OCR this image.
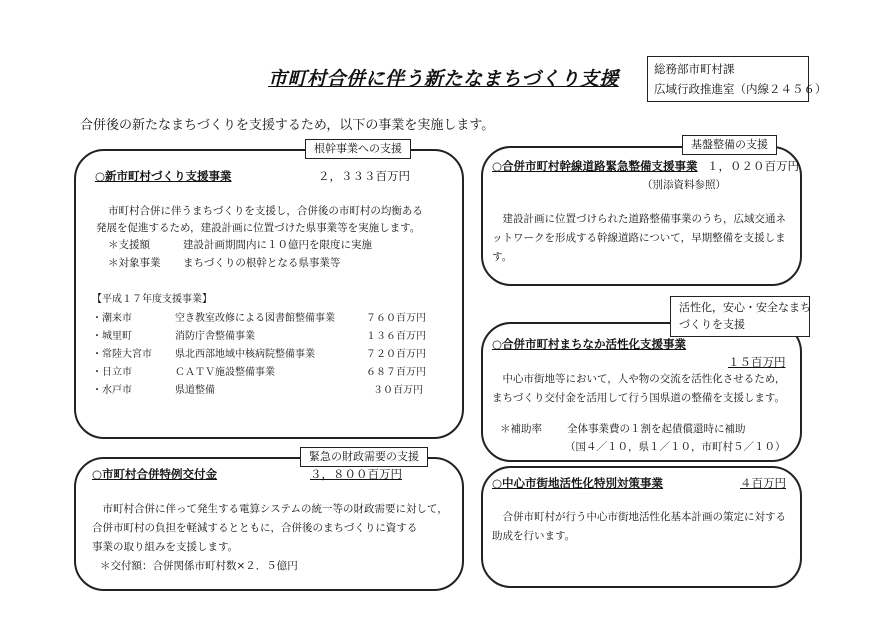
市町村合併に伴う新たなまちづくり支援	総務部市町村課
広域行政推進室（内線２４５６）
合併後の新たなまちづくりを支援するため，以下の事業を実施します。
根幹事業への支援
○新市町村づくり支援事業	２，３３３百万円
市町村合併に伴うまちづくりを支援し，合併後の市町村の均衡ある
発展を促進するため，建設計画に位置づけた県事業等を実施します。
＊支援額	建設計画期間内に１０億円を限度に実施
＊対象事業 まちづくりの根幹となる県事業等
【平成１７年度支援事業】
・潮来市	空き教室改修による図書館整備事業	７６０百万円
・城里町	消防庁舎整備事業	１３６百万円
・常陸大宮市 県北西部地域中核病院整備事業	７２０百万円
・日立市	ＣＡＴＶ施設整備事業	６８７百万円
・水戸市	県道整備	３０百万円
緊急の財政需要の支援
○市町村合併特例交付金	３，８００百万円
市町村合併に伴って発生する電算システムの統一等の財政需要に対して，合併市町村の負担を軽減するとともに，合併後のまちづくりに資する
事業の取り組みを支援します。
＊交付額：合併関係市町村数×２．５億円
基盤整備の支援
○合併市町村幹線道路緊急整備支援事業 １，０２０百万円
（別添資料参照）
建設計画に位置づけられた道路整備事業のうち，広域交通ネットワークを形成する幹線道路について，早期整備を支援します。
活性化，安心・安全なまち
づくりを支援
○合併市町村まちなか活性化支援事業
１５百万円
中心市街地等において，人や物の交流を活性化させるため，まちづくり交付金を活用して行う国県道の整備を支援します。
＊補助率 全体事業費の１割を起債償還時に補助
（国４／１０，県１／１０，市町村５／１０）
○中心市街地活性化特別対策事業	４百万円
合併市町村が行う中心市街地活性化基本計画の策定に対する助成を行います。
